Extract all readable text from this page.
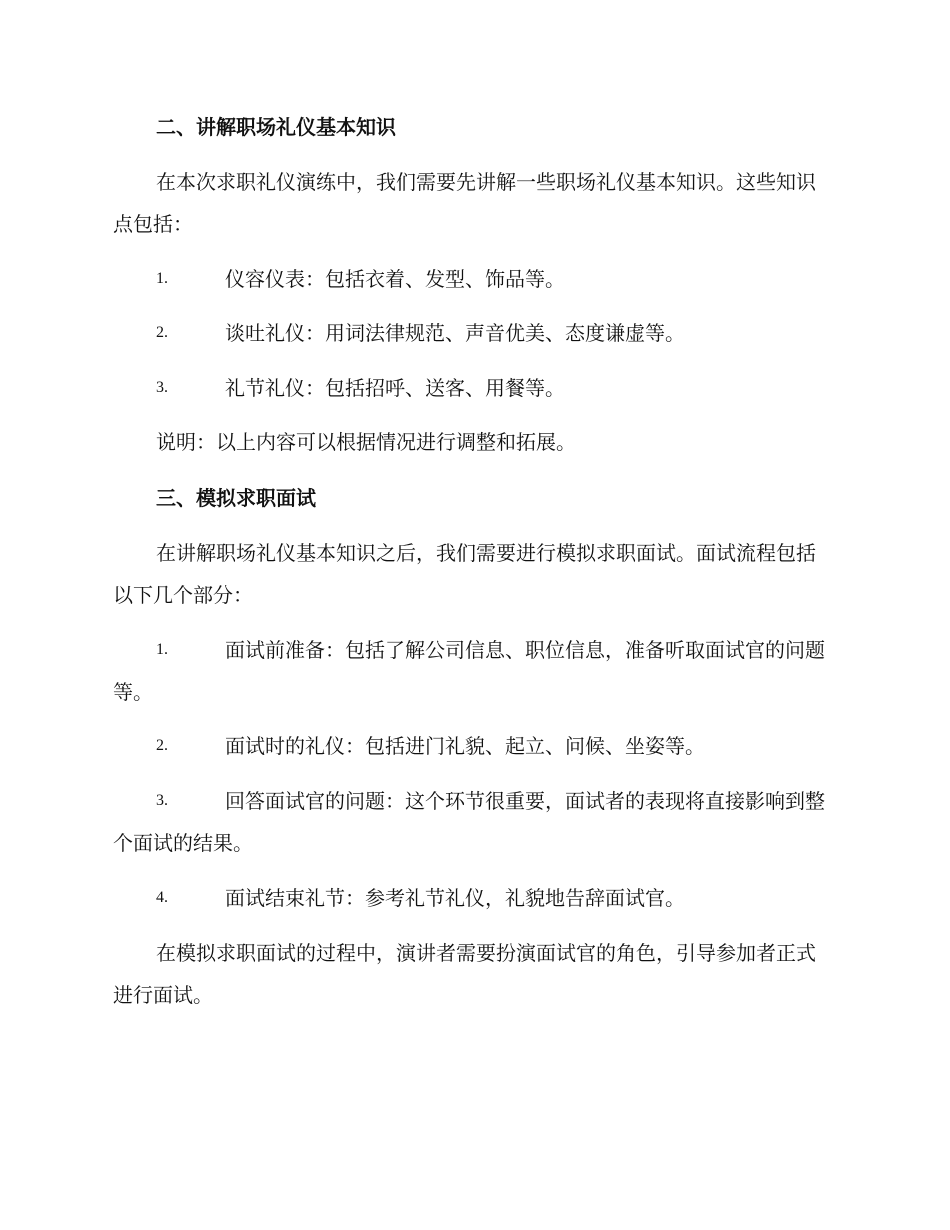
二、讲解职场礼仪基本知识

在本次求职礼仪演练中，我们需要先讲解一些职场礼仪基本知识。这些知识点包括：

1.	仪容仪表：包括衣着、发型、饰品等。
2.	谈吐礼仪：用词法律规范、声音优美、态度谦虚等。
3.	礼节礼仪：包括招呼、送客、用餐等。

说明：以上内容可以根据情况进行调整和拓展。

三、模拟求职面试

在讲解职场礼仪基本知识之后，我们需要进行模拟求职面试。面试流程包括以下几个部分：

1.	面试前准备：包括了解公司信息、职位信息，准备听取面试官的问题等。
2.	面试时的礼仪：包括进门礼貌、起立、问候、坐姿等。
3.	回答面试官的问题：这个环节很重要，面试者的表现将直接影响到整个面试的结果。
4.	面试结束礼节：参考礼节礼仪，礼貌地告辞面试官。

在模拟求职面试的过程中，演讲者需要扮演面试官的角色，引导参加者正式进行面试。
